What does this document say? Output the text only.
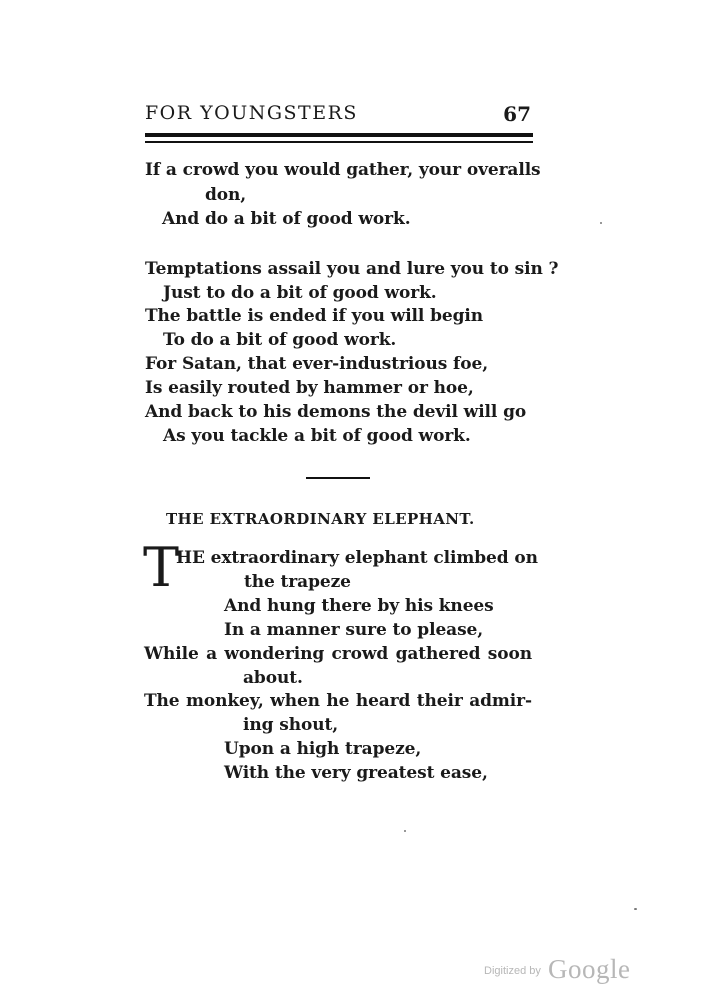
FOR YOUNGSTERS	67
If a crowd you would gather, your overalls
don,
And do a bit of good work.
Temptations assail you and lure you to sin ?
Just to do a bit of good work.
The battle is ended if you will begin
To do a bit of good work.
For Satan, that ever-industrious foe,
Is easily routed by hammer or hoe,
And back to his demons the devil will go
As you tackle a bit of good work.
THE EXTRAORDINARY ELEPHANT.
T
HE extraordinary elephant climbed on
the trapeze
And hung there by his knees
In a manner sure to please,
While a wondering crowd gathered soon
about.
The monkey, when he heard their admir-
ing shout,
Upon a high trapeze,
With the very greatest ease,
$^{Digitized by}$ Google
